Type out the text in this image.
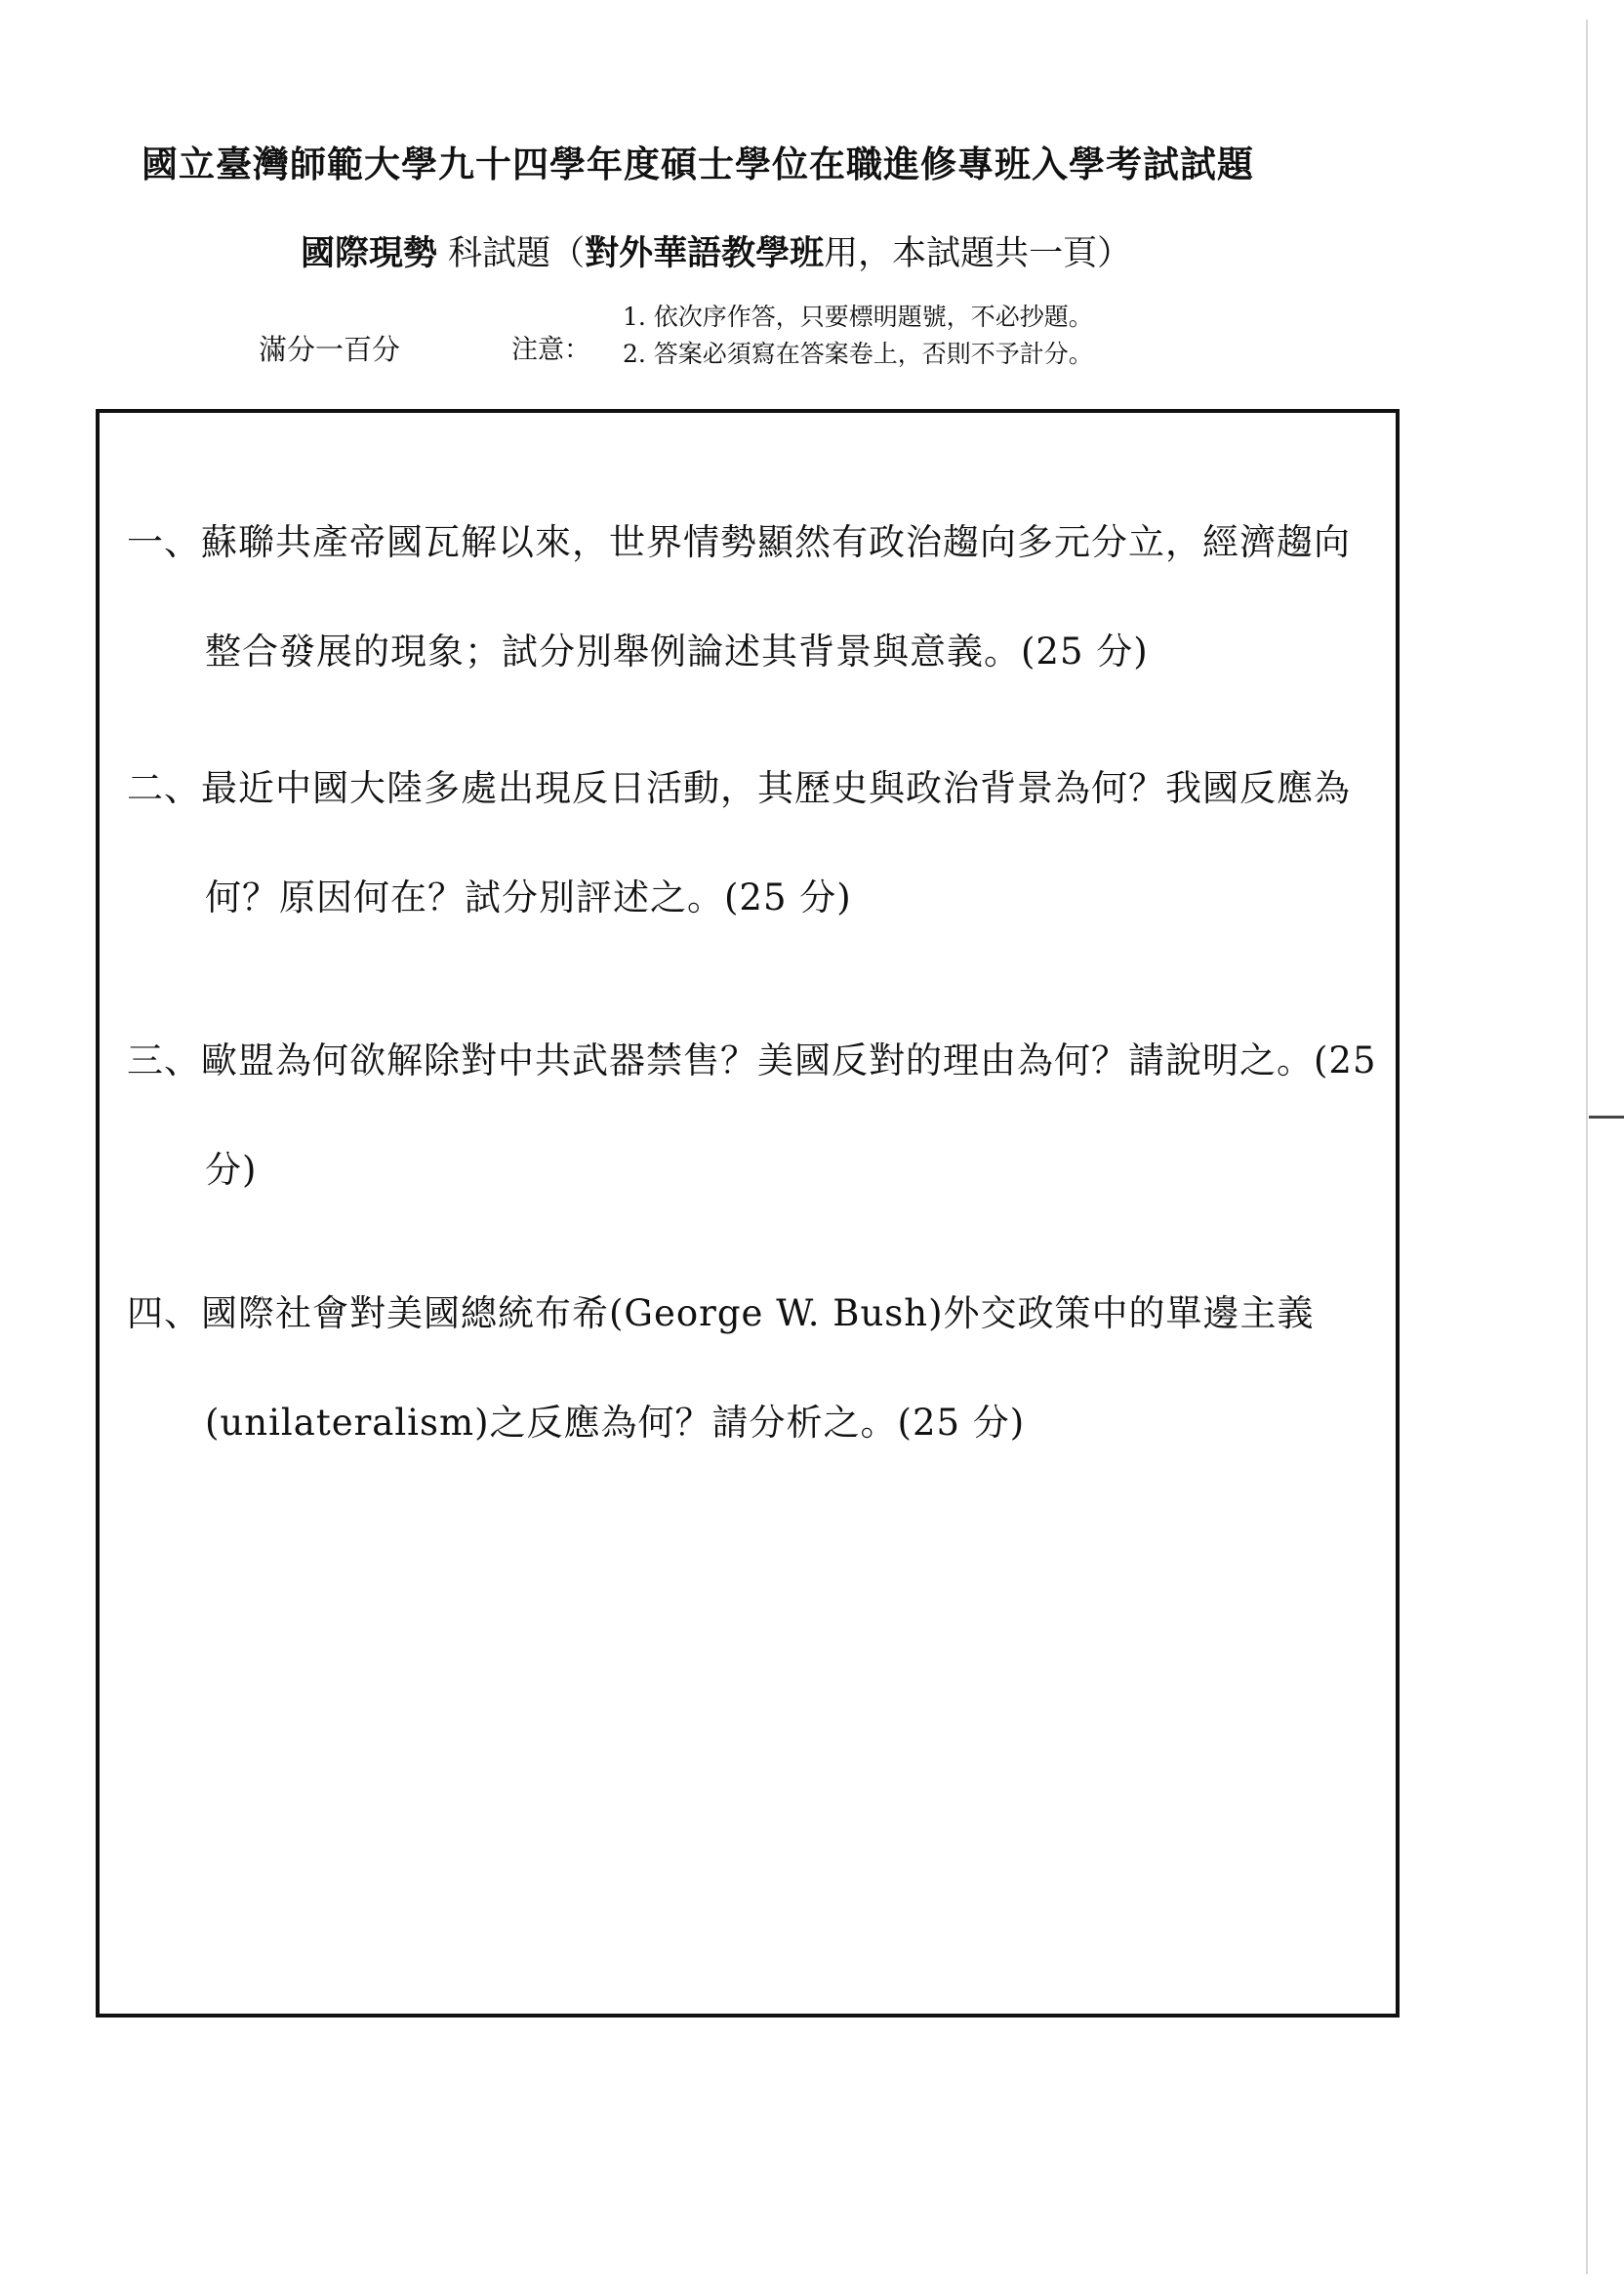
國立臺灣師範大學九十四學年度碩士學位在職進修專班入學考試試題
國際現勢 科試題（對外華語教學班用，本試題共一頁）
滿分一百分	注意：
1. 依次序作答，只要標明題號，不必抄題。
2. 答案必須寫在答案卷上，否則不予計分。
一、蘇聯共產帝國瓦解以來，世界情勢顯然有政治趨向多元分立，經濟趨向
整合發展的現象；試分別舉例論述其背景與意義。(25 分)
二、最近中國大陸多處出現反日活動，其歷史與政治背景為何？我國反應為
何？原因何在？試分別評述之。(25 分)
三、歐盟為何欲解除對中共武器禁售？美國反對的理由為何？請說明之。(25
分)
四、國際社會對美國總統布希(George W. Bush)外交政策中的單邊主義
(unilateralism)之反應為何？請分析之。(25 分)
